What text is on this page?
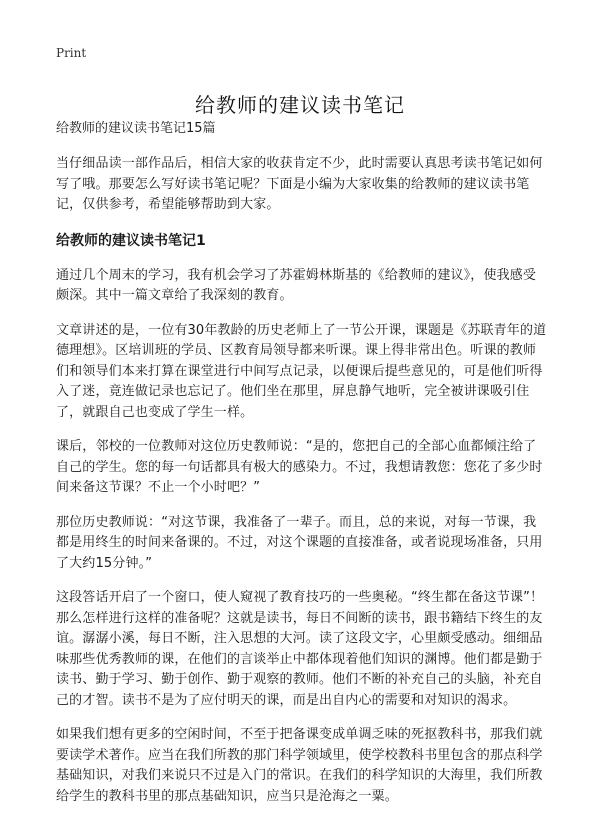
Print
给教师的建议读书笔记
给教师的建议读书笔记15篇

当仔细品读一部作品后，相信大家的收获肯定不少，此时需要认真思考读书笔记如何写了哦。那要怎么写好读书笔记呢？下面是小编为大家收集的给教师的建议读书笔记，仅供参考，希望能够帮助到大家。

给教师的建议读书笔记1

通过几个周末的学习，我有机会学习了苏霍姆林斯基的《给教师的建议》，使我感受颇深。其中一篇文章给了我深刻的教育。

文章讲述的是，一位有30年教龄的历史老师上了一节公开课，课题是《苏联青年的道德理想》。区培训班的学员、区教育局领导都来听课。课上得非常出色。听课的教师们和领导们本来打算在课堂进行中间写点记录，以便课后提些意见的，可是他们听得入了迷，竟连做记录也忘记了。他们坐在那里，屏息静气地听，完全被讲课吸引住了，就跟自己也变成了学生一样。

课后，邻校的一位教师对这位历史教师说：“是的，您把自己的全部心血都倾注给了自己的学生。您的每一句话都具有极大的感染力。不过，我想请教您：您花了多少时间来备这节课？不止一个小时吧？”

那位历史教师说：“对这节课，我准备了一辈子。而且，总的来说，对每一节课，我都是用终生的时间来备课的。不过，对这个课题的直接准备，或者说现场准备，只用了大约15分钟。”

这段答话开启了一个窗口，使人窥视了教育技巧的一些奥秘。“终生都在备这节课”！那么怎样进行这样的准备呢？这就是读书，每日不间断的读书，跟书籍结下终生的友谊。潺潺小溪，每日不断，注入思想的大河。读了这段文字，心里颇受感动。细细品味那些优秀教师的课，在他们的言谈举止中都体现着他们知识的渊博。他们都是勤于读书、勤于学习、勤于创作、勤于观察的教师。他们不断的补充自己的头脑，补充自己的才智。读书不是为了应付明天的课，而是出自内心的需要和对知识的渴求。

如果我们想有更多的空闲时间，不至于把备课变成单调乏味的死抠教科书，那我们就要读学术著作。应当在我们所教的那门科学领域里，使学校教科书里包含的那点科学基础知识，对我们来说只不过是入门的常识。在我们的科学知识的大海里，我们所教给学生的教科书里的那点基础知识，应当只是沧海之一粟。
